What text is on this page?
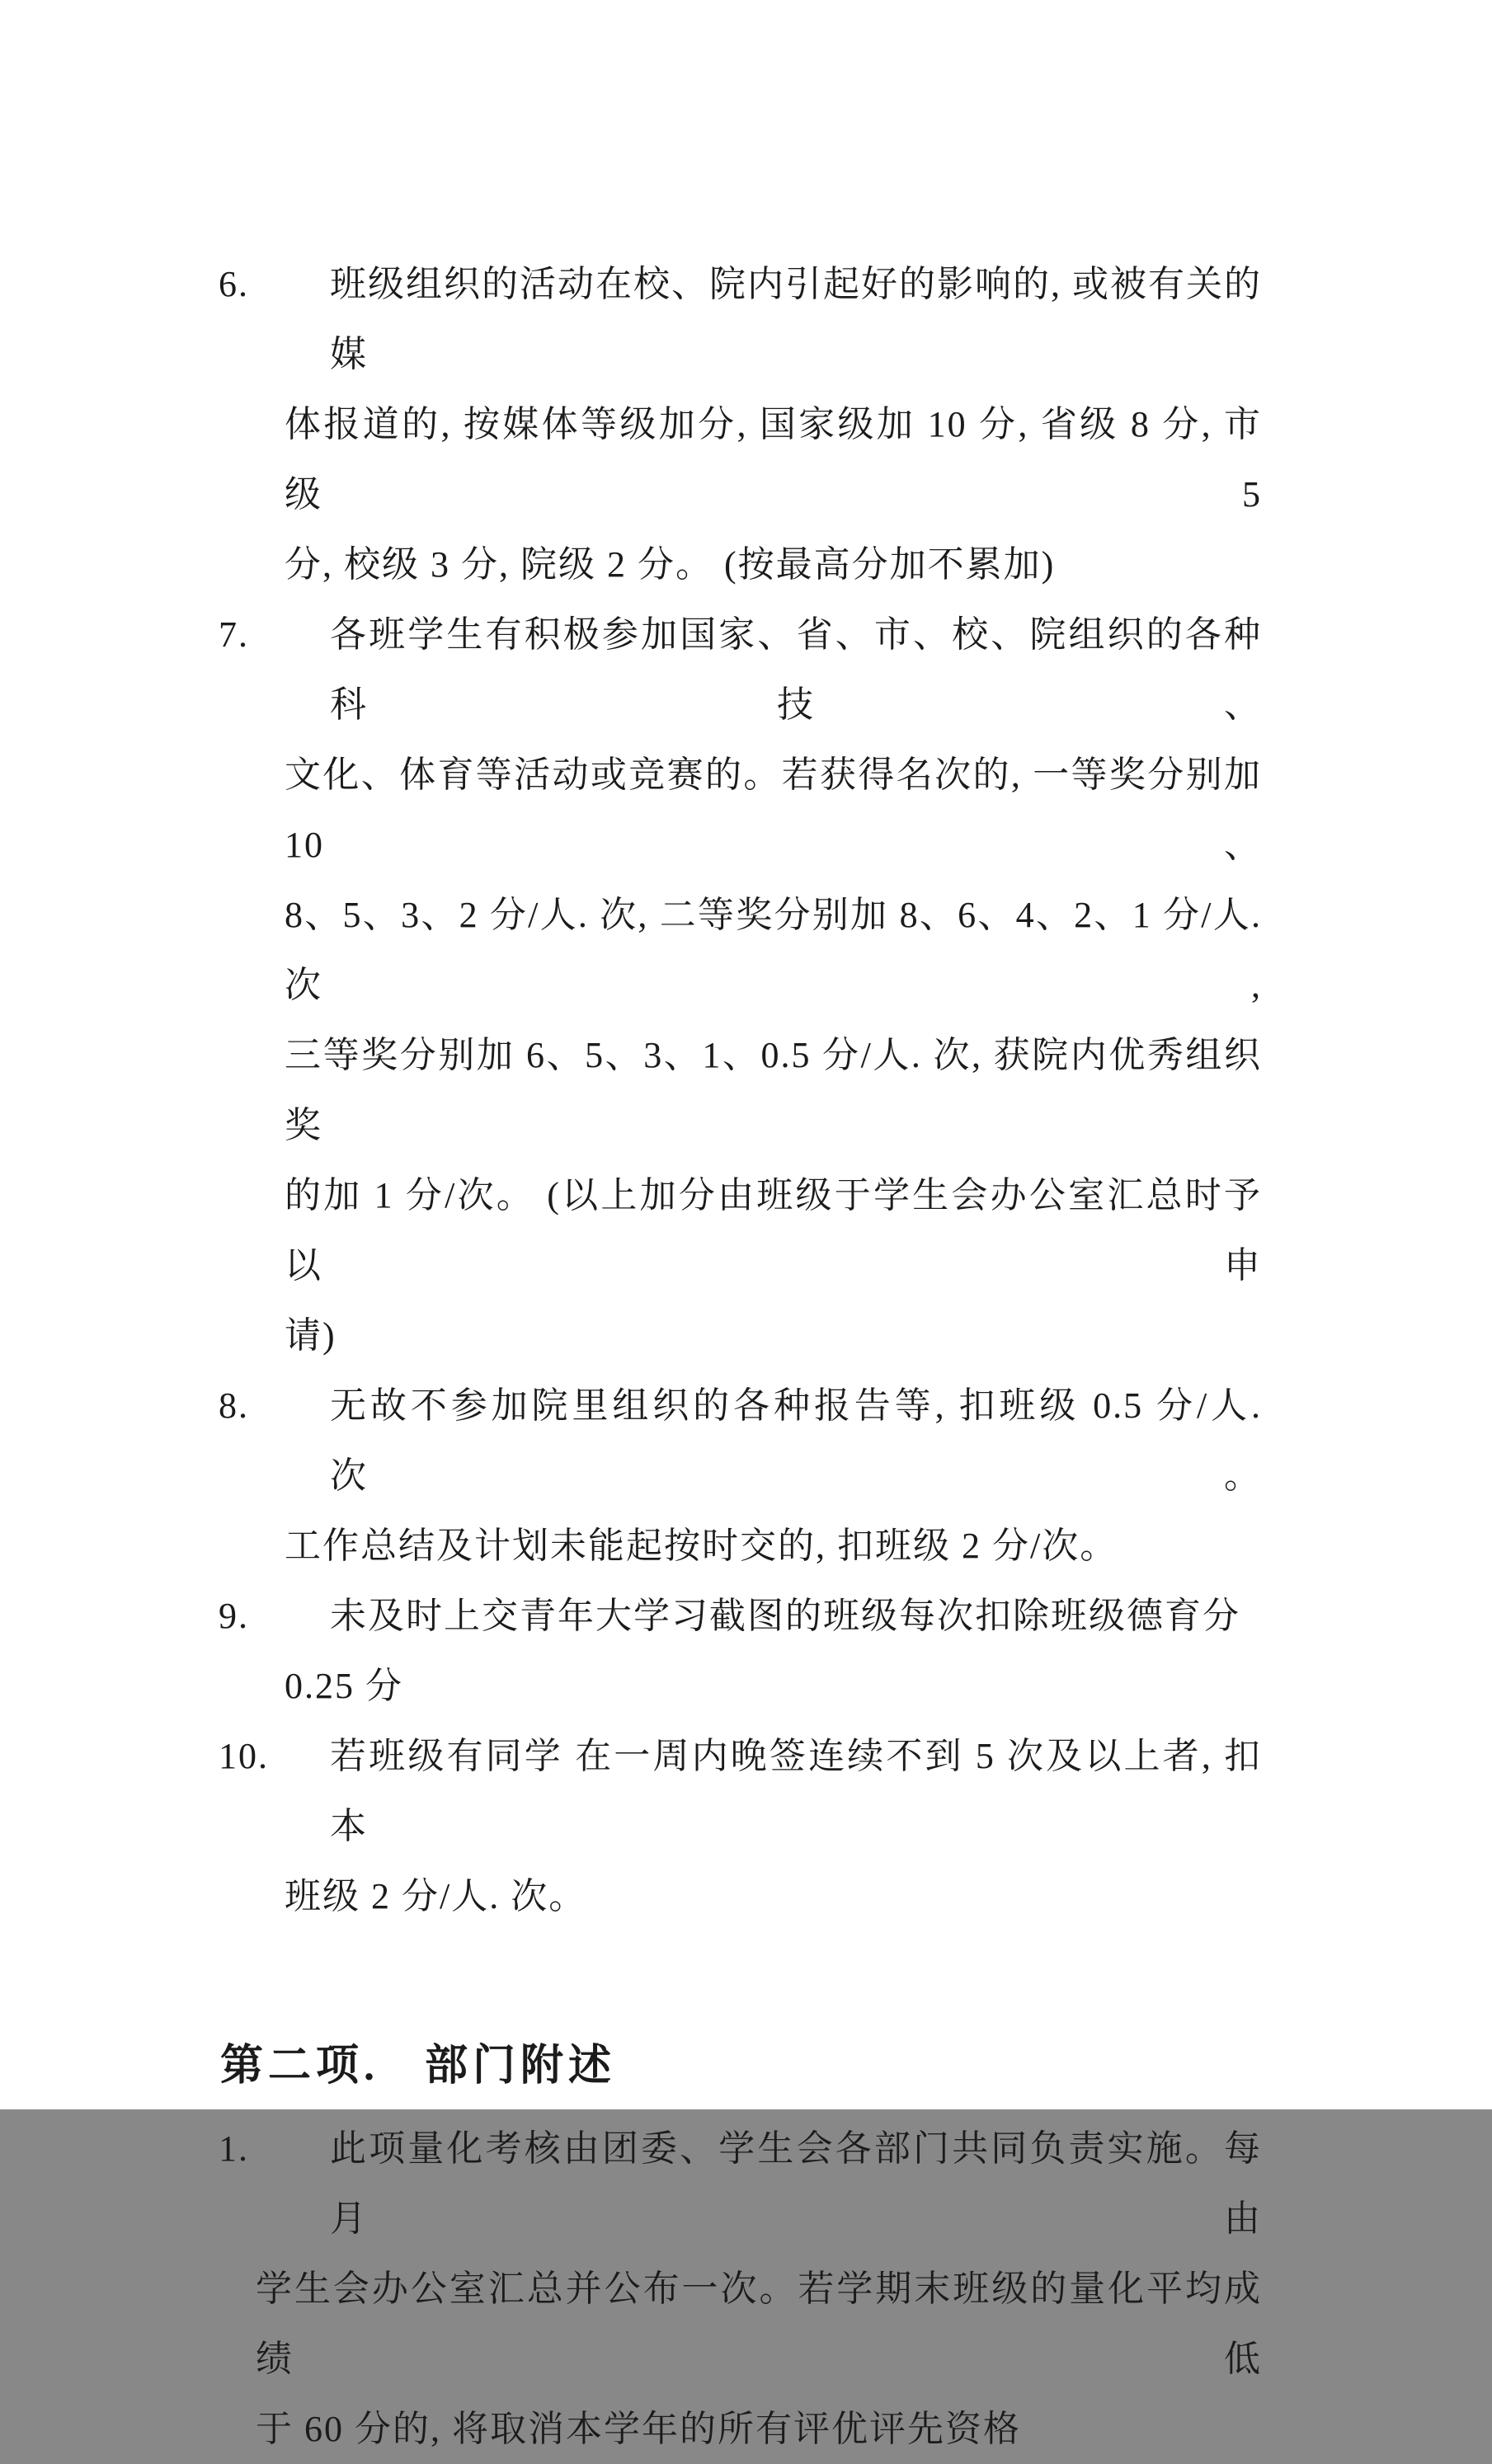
6.	班级组织的活动在校、院内引起好的影响的, 或被有关的媒
体报道的, 按媒体等级加分, 国家级加 10 分, 省级 8 分, 市级 5
分, 校级 3 分, 院级 2 分。 (按最高分加不累加)
7.	各班学生有积极参加国家、省、市、校、院组织的各种科技、
文化、体育等活动或竞赛的。若获得名次的, 一等奖分别加 10、
8、5、3、2 分/人. 次, 二等奖分别加 8、6、4、2、1 分/人. 次,
三等奖分别加 6、5、3、1、0.5 分/人. 次, 获院内优秀组织奖
的加 1 分/次。 (以上加分由班级于学生会办公室汇总时予以申
请)
8.	无故不参加院里组织的各种报告等, 扣班级 0.5 分/人. 次。
工作总结及计划未能起按时交的, 扣班级 2 分/次。
9.	未及时上交青年大学习截图的班级每次扣除班级德育分
0.25 分
10.	若班级有同学 在一周内晚签连续不到 5 次及以上者, 扣本
班级 2 分/人. 次。
第二项. 部门附述
1.	此项量化考核由团委、学生会各部门共同负责实施。每月由
学生会办公室汇总并公布一次。若学期末班级的量化平均成绩低
于 60 分的, 将取消本学年的所有评优评先资格
